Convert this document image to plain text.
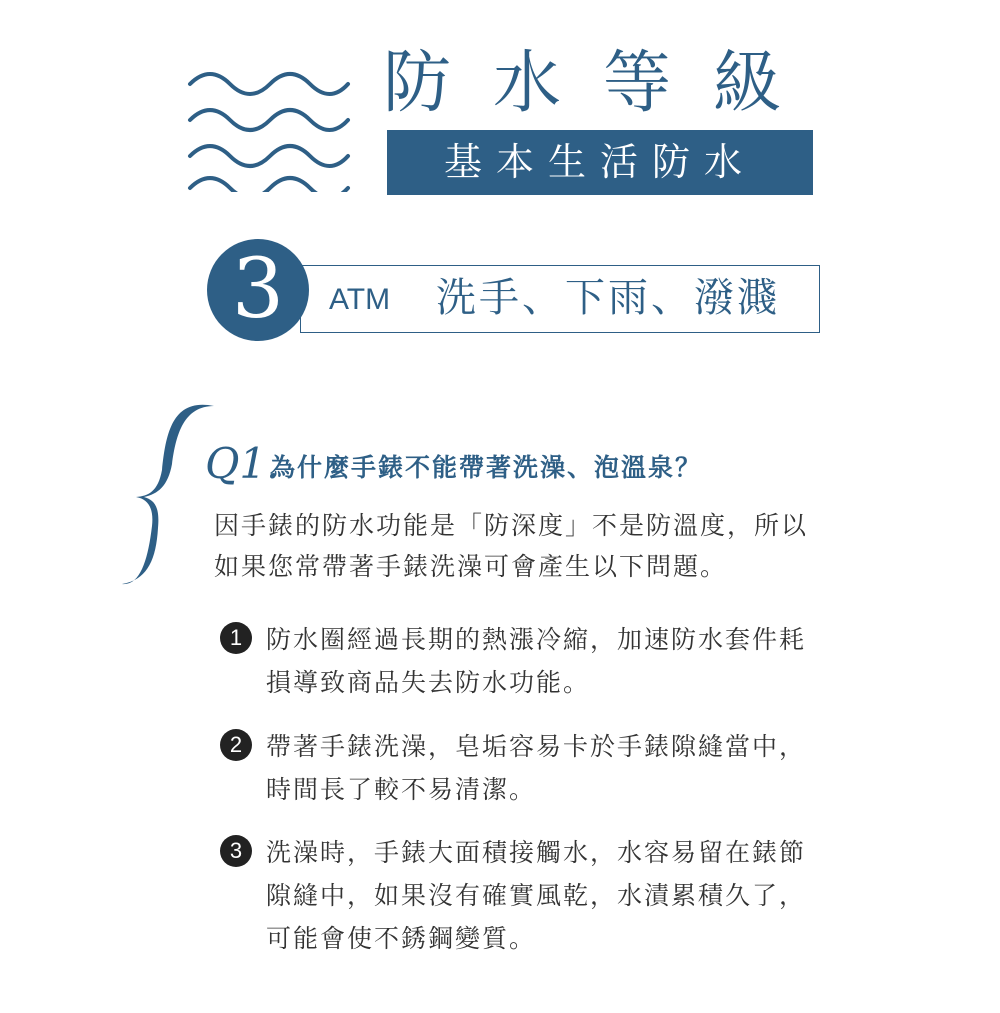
防水等級
基本生活防水
3	ATM 洗手、下雨、潑濺
Q1.
為什麼手錶不能帶著洗澡、泡溫泉？
因手錶的防水功能是「防深度」不是防溫度，所以
如果您常帶著手錶洗澡可會產生以下問題。
1 防水圈經過長期的熱漲冷縮，加速防水套件耗
損導致商品失去防水功能。
2 帶著手錶洗澡，皂垢容易卡於手錶隙縫當中，
時間長了較不易清潔。
3 洗澡時，手錶大面積接觸水，水容易留在錶節
隙縫中，如果沒有確實風乾，水漬累積久了，
可能會使不銹鋼變質。
